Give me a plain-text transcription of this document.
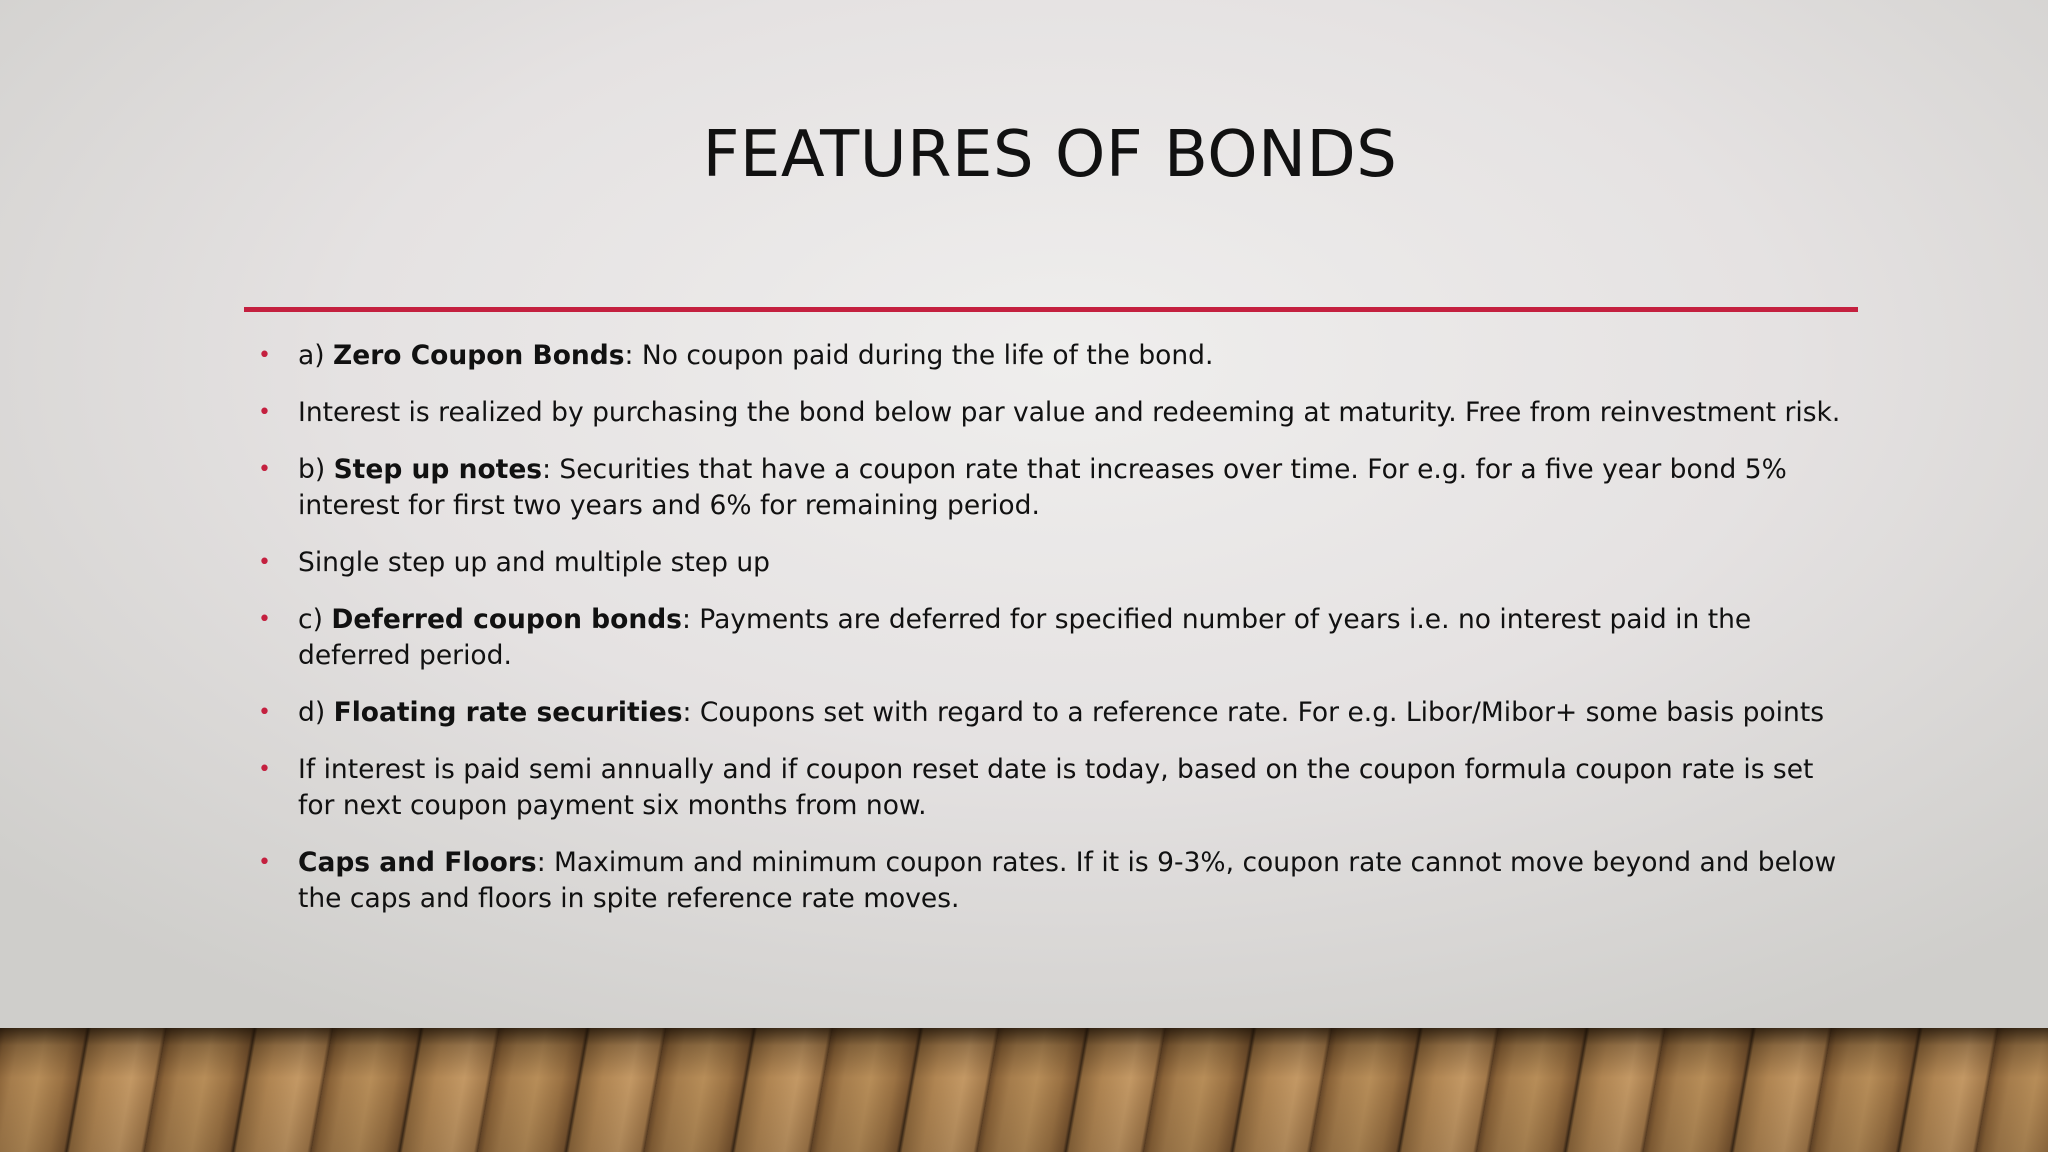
FEATURES OF BONDS
• a) Zero Coupon Bonds: No coupon paid during the life of the bond.
• Interest is realized by purchasing the bond below par value and redeeming at maturity. Free from reinvestment risk.
• b) Step up notes: Securities that have a coupon rate that increases over time. For e.g. for a five year bond 5% interest for first two years and 6% for remaining period.
• Single step up and multiple step up
• c) Deferred coupon bonds: Payments are deferred for specified number of years i.e. no interest paid in the deferred period.
• d) Floating rate securities: Coupons set with regard to a reference rate. For e.g. Libor/Mibor+ some basis points
• If interest is paid semi annually and if coupon reset date is today, based on the coupon formula coupon rate is set for next coupon payment six months from now.
• Caps and Floors: Maximum and minimum coupon rates. If it is 9-3%, coupon rate cannot move beyond and below the caps and floors in spite reference rate moves.
